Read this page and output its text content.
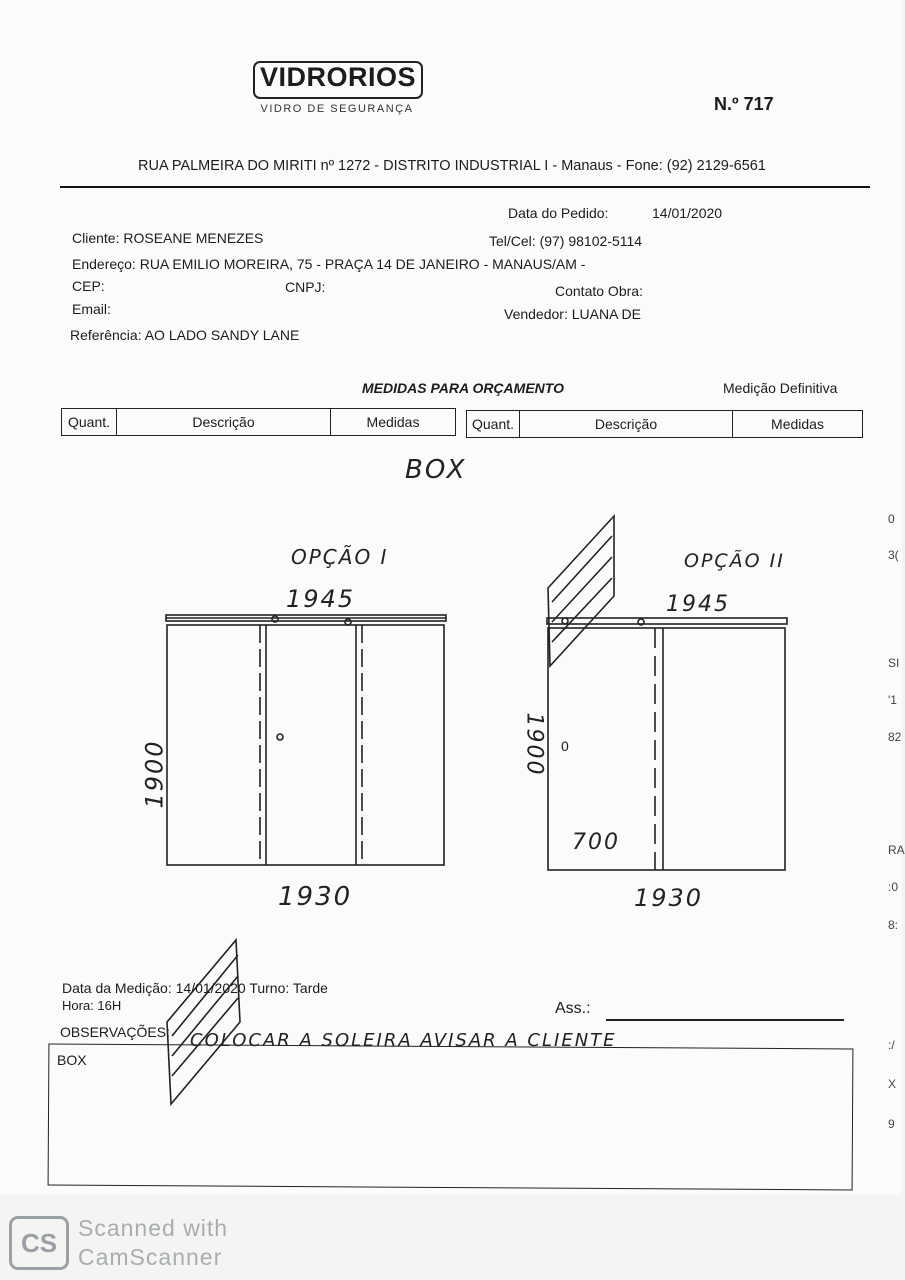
VIDRORIOS
VIDRO DE SEGURANÇA	N.º 717
RUA PALMEIRA DO MIRITI nº 1272 - DISTRITO INDUSTRIAL I - Manaus - Fone: (92) 2129-6561
Data do Pedido:	14/01/2020
Cliente: ROSEANE MENEZES	Tel/Cel: (97) 98102-5114
Endereço: RUA EMILIO MOREIRA, 75 - PRAÇA 14 DE JANEIRO - MANAUS/AM -
CEP:	CNPJ:	Contato Obra:
Email:	Vendedor: LUANA DE
Referência: AO LADO SANDY LANE
MEDIDAS PARA ORÇAMENTO	Medição Definitiva
Quant.	Descrição	Medidas	Quant.	Descrição	Medidas
BOX
OPÇÃO I
1945
1900
1930
OPÇÃO II
1945
1900
700
1930
0
Data da Medição: 14/01/2020 Turno: Tarde
Hora: 16H	Ass.:
OBSERVAÇÕES: COLOCAR A SOLEIRA AVISAR A CLIENTE
BOX
0
3(
SI
'1
82
RA
:0
8:
:/
X
9
CS Scanned with
CamScanner
